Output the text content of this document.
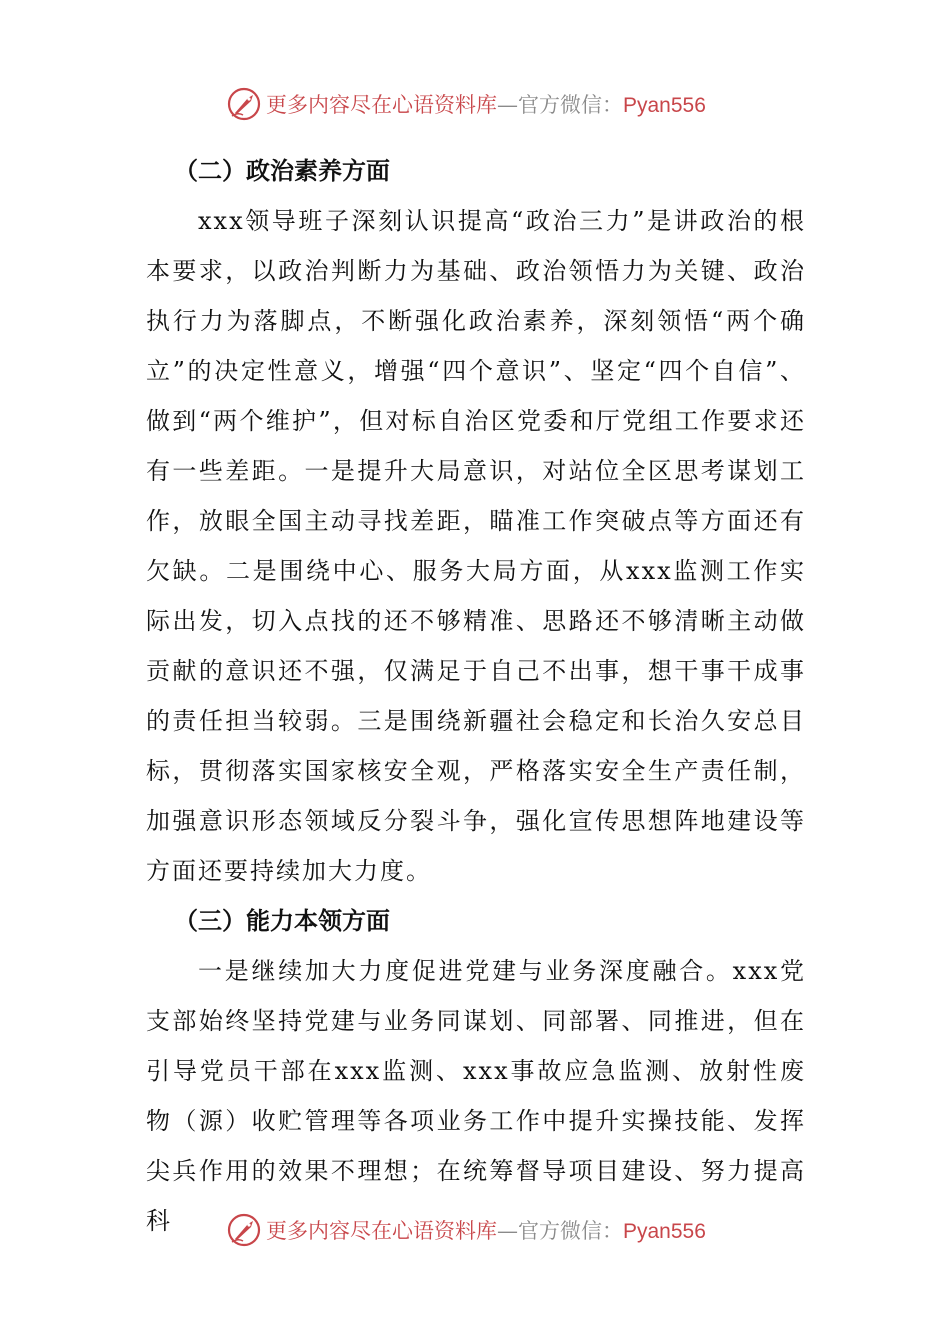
更多内容尽在心语资料库—官方微信：Pyan556
（二）政治素养方面

xxx领导班子深刻认识提高“政治三力”是讲政治的根本要求，以政治判断力为基础、政治领悟力为关键、政治执行力为落脚点，不断强化政治素养，深刻领悟“两个确立”的决定性意义，增强“四个意识”、坚定“四个自信”、做到“两个维护”，但对标自治区党委和厅党组工作要求还有一些差距。一是提升大局意识，对站位全区思考谋划工作，放眼全国主动寻找差距，瞄准工作突破点等方面还有欠缺。二是围绕中心、服务大局方面，从xxx监测工作实际出发，切入点找的还不够精准、思路还不够清晰主动做贡献的意识还不强，仅满足于自己不出事，想干事干成事的责任担当较弱。三是围绕新疆社会稳定和长治久安总目标，贯彻落实国家核安全观，严格落实安全生产责任制，加强意识形态领域反分裂斗争，强化宣传思想阵地建设等方面还要持续加大力度。

（三）能力本领方面

一是继续加大力度促进党建与业务深度融合。xxx党支部始终坚持党建与业务同谋划、同部署、同推进，但在引导党员干部在xxx监测、xxx事故应急监测、放射性废物（源）收贮管理等各项业务工作中提升实操技能、发挥尖兵作用的效果不理想；在统筹督导项目建设、努力提高科	更多内容尽在心语资料库—官方微信：Pyan556
